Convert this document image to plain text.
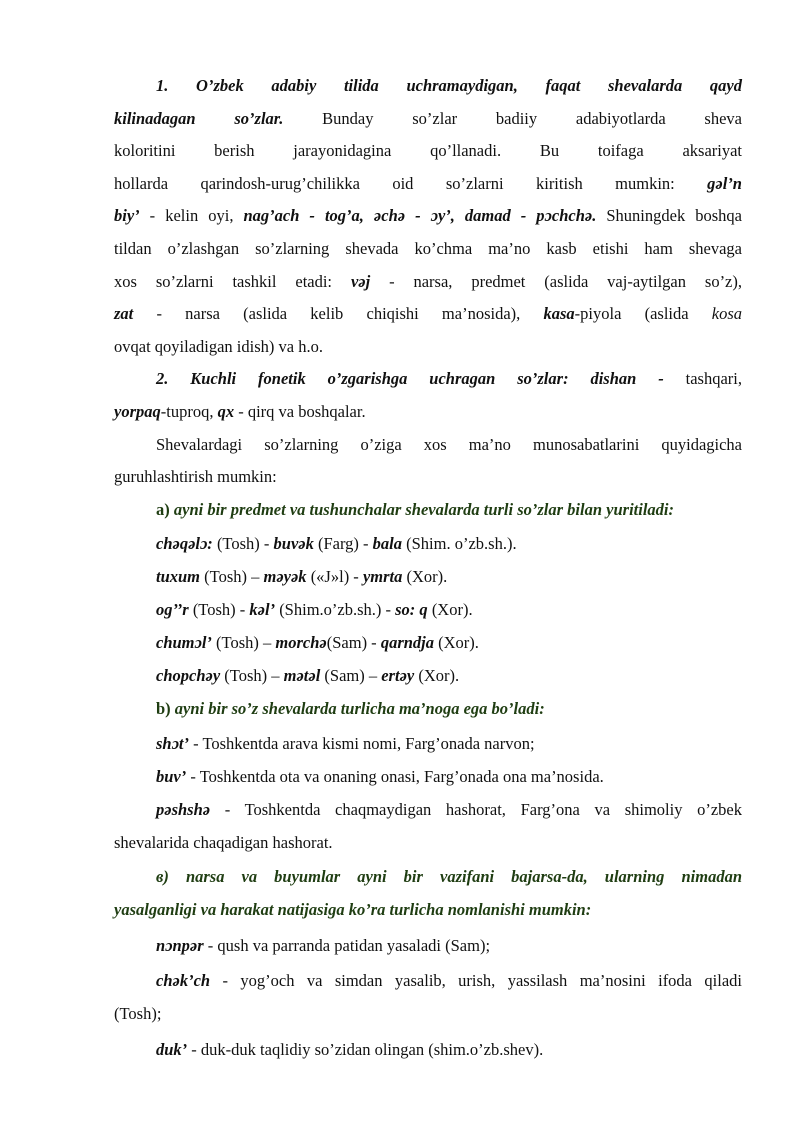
1. O’zbek adabiy tilida uchramaydigan, faqat shevalarda qayd

kilinadagan so’zlar. Bunday so’zlar badiiy adabiyotlarda sheva

koloritini berish jarayonidagina qo’llanadi. Bu toifaga aksariyat

hollarda qarindosh-urug’chilikka oid so’zlarni kiritish mumkin: gəl’n

biy’ - kelin oyi, nag’ach - tog’a, əchə - ɔy’, damad - pɔchchə. Shuningdek boshqa

tildan o’zlashgan so’zlarning shevada ko’chma ma’no kasb etishi ham shevaga

xos so’zlarni tashkil etadi: vəj - narsa, predmet (aslida vaj-aytilgan so’z),

zat - narsa (aslida kelib chiqishi ma’nosida), kasa-piyola (aslida kosa

ovqat qoyiladigan idish) va h.o.

2. Kuchli fonetik o’zgarishga uchragan so’zlar: dishan - tashqari,

yorpaq-tuproq, qx - qirq va boshqalar.

Shevalardagi so’zlarning o’ziga xos ma’no munosabatlarini quyidagicha

guruhlashtirish mumkin:

a) ayni bir predmet va tushunchalar shevalarda turli so’zlar bilan yuritiladi:

chəqəlɔ: (Tosh) - buvək (Farg) - bala (Shim. o’zb.sh.).
tuxum (Tosh) – məyək («J»l) - ymrta (Xor).
og’’r (Tosh) - kəl’ (Shim.o’zb.sh.) - so: q (Xor).
chumɔl’ (Tosh) – morchə(Sam) - qarndja (Xor).
chopchəy (Tosh) – mətəl (Sam) – ertəy (Xor).

b) ayni bir so’z shevalarda turlicha ma’noga ega bo’ladi:

shɔt’ - Toshkentda arava kismi nomi, Farg’onada narvon;
buv’ - Toshkentda ota va onaning onasi, Farg’onada ona ma’nosida.

pəshshə - Toshkentda chaqmaydigan hashorat, Farg’ona va shimoliy o’zbek

shevalarida chaqadigan hashorat.

в) narsa va buyumlar ayni bir vazifani bajarsa-da, ularning nimadan

yasalganligi va harakat natijasiga ko’ra turlicha nomlanishi mumkin:

nɔnpər - qush va parranda patidan yasaladi (Sam);

chək’ch - yog’och va simdan yasalib, urish, yassilash ma’nosini ifoda qiladi

(Tosh);

duk’ - duk-duk taqlidiy so’zidan olingan (shim.o’zb.shev).
